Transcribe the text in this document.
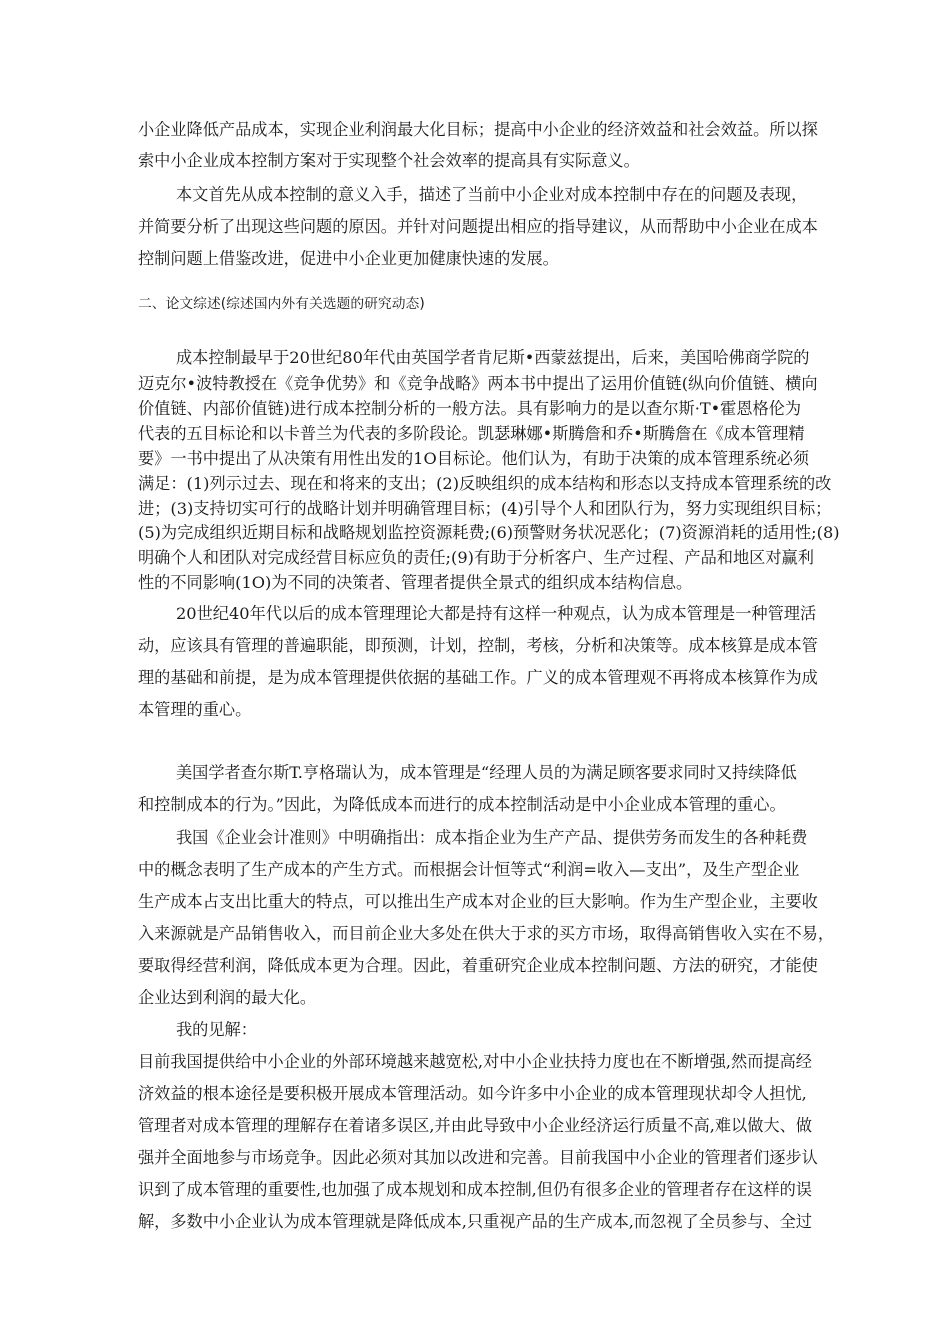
小企业降低产品成本，实现企业利润最大化目标；提高中小企业的经济效益和社会效益。所以探
索中小企业成本控制方案对于实现整个社会效率的提高具有实际意义。
本文首先从成本控制的意义入手，描述了当前中小企业对成本控制中存在的问题及表现，
并简要分析了出现这些问题的原因。并针对问题提出相应的指导建议，从而帮助中小企业在成本
控制问题上借鉴改进，促进中小企业更加健康快速的发展。
二、论文综述(综述国内外有关选题的研究动态)
成本控制最早于20世纪80年代由英国学者肯尼斯•西蒙兹提出，后来，美国哈佛商学院的
迈克尔•波特教授在《竞争优势》和《竞争战略》两本书中提出了运用价值链(纵向价值链、横向
价值链、内部价值链)进行成本控制分析的一般方法。具有影响力的是以查尔斯·T•霍恩格伦为
代表的五目标论和以卡普兰为代表的多阶段论。凯瑟琳娜•斯腾詹和乔•斯腾詹在《成本管理精
要》一书中提出了从决策有用性出发的1O目标论。他们认为，有助于决策的成本管理系统必须
满足：(1)列示过去、现在和将来的支出；(2)反映组织的成本结构和形态以支持成本管理系统的改
进；(3)支持切实可行的战略计划并明确管理目标；(4)引导个人和团队行为，努力实现组织目标；
(5)为完成组织近期目标和战略规划监控资源耗费;(6)预警财务状况恶化；(7)资源消耗的适用性;(8)
明确个人和团队对完成经营目标应负的责任;(9)有助于分析客户、生产过程、产品和地区对赢利
性的不同影响(1O)为不同的决策者、管理者提供全景式的组织成本结构信息。
20世纪40年代以后的成本管理理论大都是持有这样一种观点，认为成本管理是一种管理活
动，应该具有管理的普遍职能，即预测，计划，控制，考核，分析和决策等。成本核算是成本管
理的基础和前提，是为成本管理提供依据的基础工作。广义的成本管理观不再将成本核算作为成
本管理的重心。
美国学者查尔斯T.亨格瑞认为，成本管理是“经理人员的为满足顾客要求同时又持续降低
和控制成本的行为。”因此，为降低成本而进行的成本控制活动是中小企业成本管理的重心。
我国《企业会计准则》中明确指出：成本指企业为生产产品、提供劳务而发生的各种耗费
中的概念表明了生产成本的产生方式。而根据会计恒等式“利润=收入—支出”，及生产型企业
生产成本占支出比重大的特点，可以推出生产成本对企业的巨大影响。作为生产型企业，主要收
入来源就是产品销售收入，而目前企业大多处在供大于求的买方市场，取得高销售收入实在不易，
要取得经营利润，降低成本更为合理。因此，着重研究企业成本控制问题、方法的研究，才能使
企业达到利润的最大化。
我的见解：
目前我国提供给中小企业的外部环境越来越宽松,对中小企业扶持力度也在不断增强,然而提高经
济效益的根本途径是要积极开展成本管理活动。如今许多中小企业的成本管理现状却令人担忧,
管理者对成本管理的理解存在着诸多误区,并由此导致中小企业经济运行质量不高,难以做大、做
强并全面地参与市场竞争。因此必须对其加以改进和完善。目前我国中小企业的管理者们逐步认
识到了成本管理的重要性,也加强了成本规划和成本控制,但仍有很多企业的管理者存在这样的误
解，多数中小企业认为成本管理就是降低成本,只重视产品的生产成本,而忽视了全员参与、全过
